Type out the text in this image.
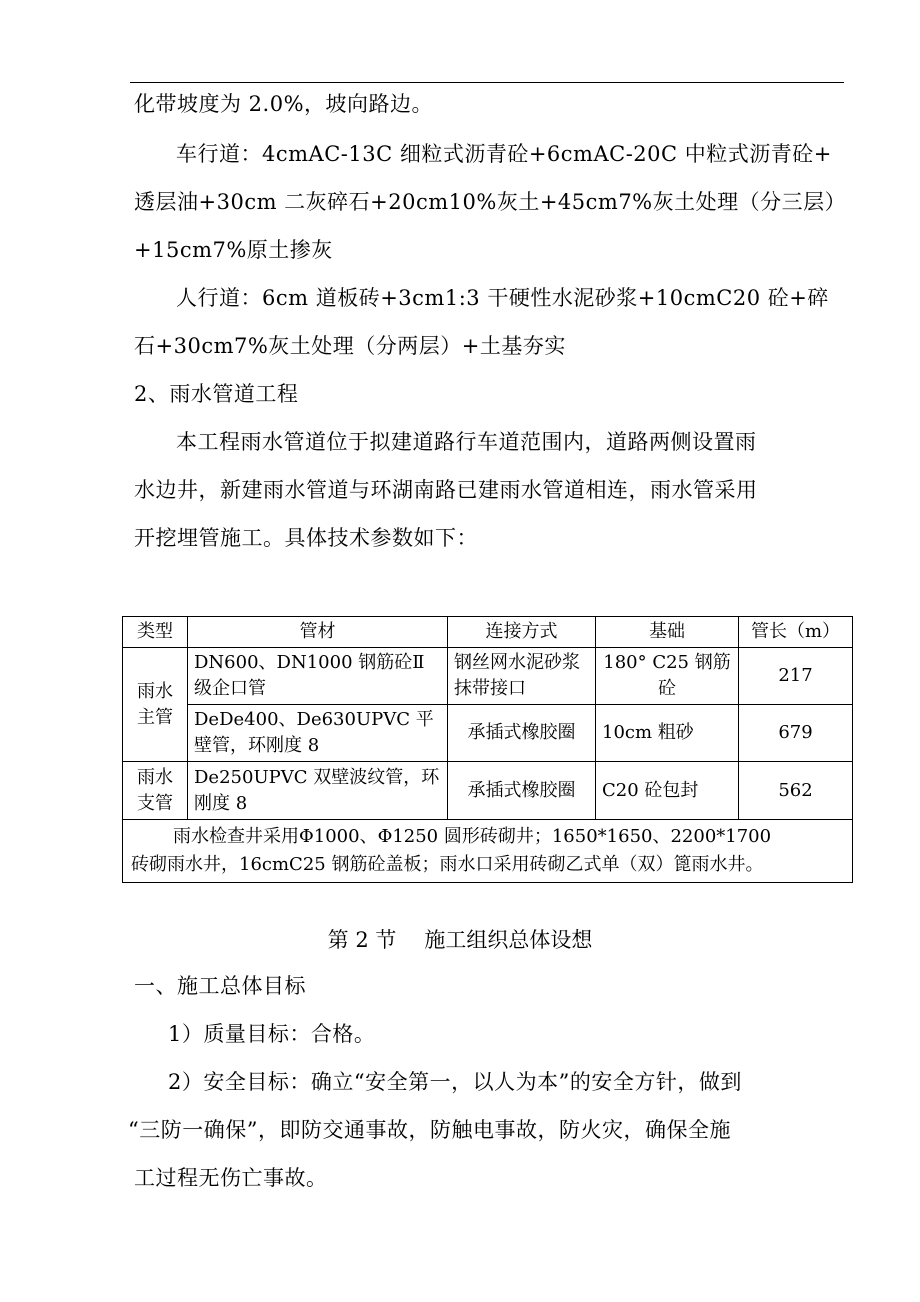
化带坡度为 2.0%，坡向路边。
车行道：4cmAC-13C 细粒式沥青砼+6cmAC-20C 中粒式沥青砼+
透层油+30cm 二灰碎石+20cm10%灰土+45cm7%灰土处理（分三层）
+15cm7%原土掺灰
人行道：6cm 道板砖+3cm1:3 干硬性水泥砂浆+10cmC20 砼+碎
石+30cm7%灰土处理（分两层）+土基夯实
2、雨水管道工程
本工程雨水管道位于拟建道路行车道范围内，道路两侧设置雨
水边井，新建雨水管道与环湖南路已建雨水管道相连，雨水管采用
开挖埋管施工。具体技术参数如下：
类型	管材	连接方式	基础	管长（m）
雨水主管	DN600、DN1000 钢筋砼Ⅱ级企口管	钢丝网水泥砂浆抹带接口	180° C25 钢筋砼	217
	DeDe400、De630UPVC 平壁管，环刚度 8	承插式橡胶圈	10cm 粗砂	679
雨水支管	De250UPVC 双壁波纹管，环刚度 8	承插式橡胶圈	C20 砼包封	562

雨水检查井采用Φ1000、Φ1250 圆形砖砌井；1650*1650、2200*1700
砖砌雨水井，16cmC25 钢筋砼盖板；雨水口采用砖砌乙式单（双）篦雨水井。				
第 2 节 施工组织总体设想
一、施工总体目标
1）质量目标：合格。
2）安全目标：确立“安全第一，以人为本”的安全方针，做到
“三防一确保”，即防交通事故，防触电事故，防火灾，确保全施
工过程无伤亡事故。
